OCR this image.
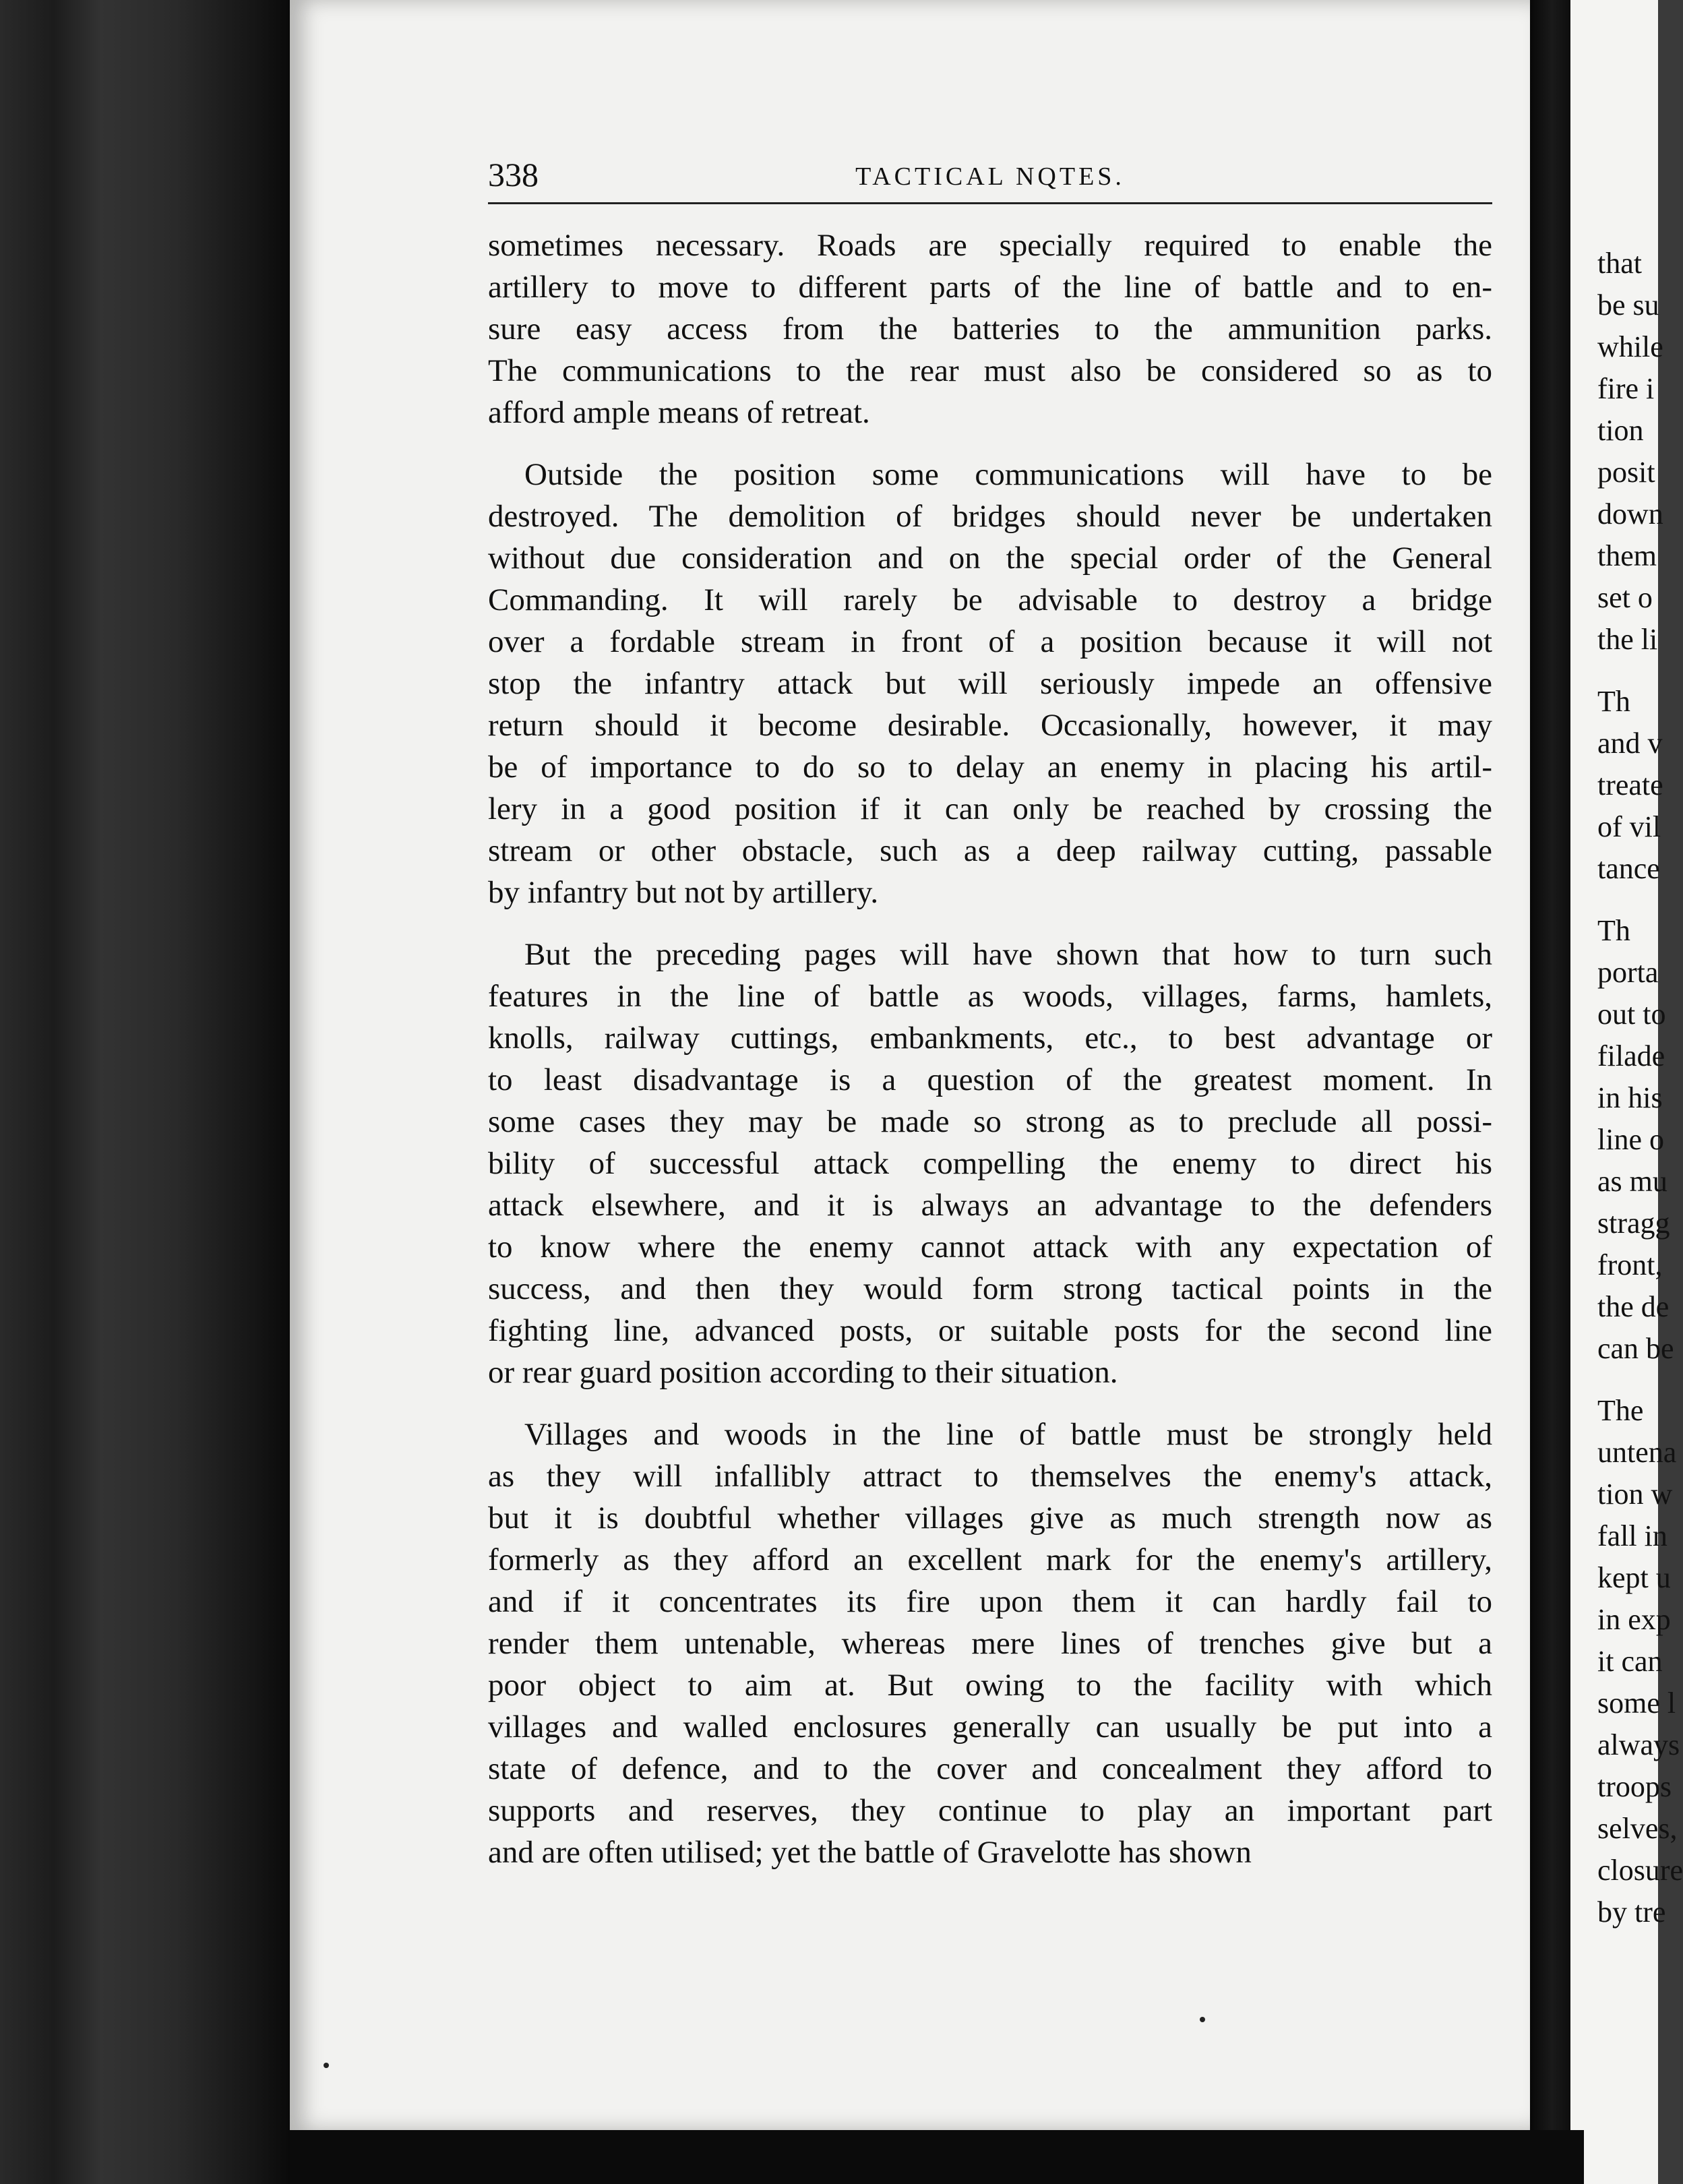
338	TACTICAL NQTES.
sometimes necessary. Roads are specially required to enable the
artillery to move to different parts of the line of battle and to en-
sure easy access from the batteries to the ammunition parks.
The communications to the rear must also be considered so as to
afford ample means of retreat.
Outside the position some communications will have to be
destroyed. The demolition of bridges should never be undertaken
without due consideration and on the special order of the General
Commanding. It will rarely be advisable to destroy a bridge
over a fordable stream in front of a position because it will not
stop the infantry attack but will seriously impede an offensive
return should it become desirable. Occasionally, however, it may
be of importance to do so to delay an enemy in placing his artil-
lery in a good position if it can only be reached by crossing the
stream or other obstacle, such as a deep railway cutting, passable
by infantry but not by artillery.
But the preceding pages will have shown that how to turn such
features in the line of battle as woods, villages, farms, hamlets,
knolls, railway cuttings, embankments, etc., to best advantage or
to least disadvantage is a question of the greatest moment. In
some cases they may be made so strong as to preclude all possi-
bility of successful attack compelling the enemy to direct his
attack elsewhere, and it is always an advantage to the defenders
to know where the enemy cannot attack with any expectation of
success, and then they would form strong tactical points in the
fighting line, advanced posts, or suitable posts for the second line
or rear guard position according to their situation.
Villages and woods in the line of battle must be strongly held
as they will infallibly attract to themselves the enemy's attack,
but it is doubtful whether villages give as much strength now as
formerly as they afford an excellent mark for the enemy's artillery,
and if it concentrates its fire upon them it can hardly fail to
render them untenable, whereas mere lines of trenches give but a
poor object to aim at. But owing to the facility with which
villages and walled enclosures generally can usually be put into a
state of defence, and to the cover and concealment they afford to
supports and reserves, they continue to play an important part
and are often utilised; yet the battle of Gravelotte has shown
that
be su
while
fire i
tion
posit
down
them
set o
the li
Th
and v
treate
of vil
tance
Th
porta
out to
filade
in his
line o
as mu
stragg
front,
the de
can be
The
untena
tion w
fall in
kept u
in exp
it can
some l
always
troops
selves,
closure
by tre
